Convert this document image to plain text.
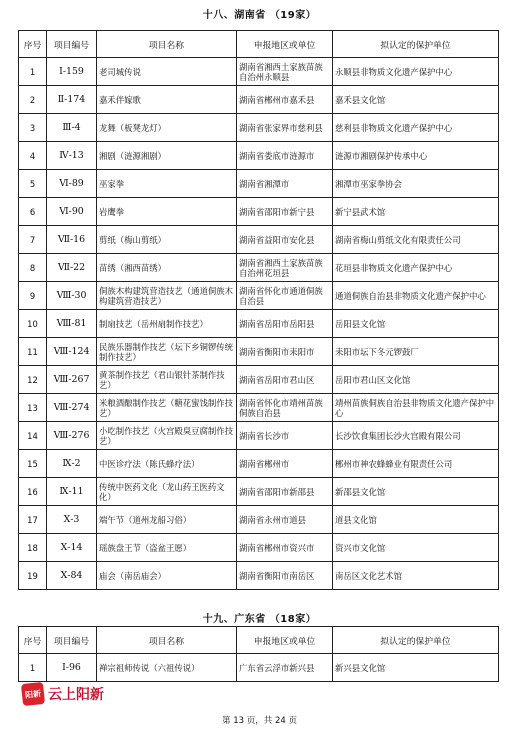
十八、湖南省 （19家）
序号	项目编号	项目名称	申报地区或单位	拟认定的保护单位
1	Ⅰ-159	老司城传说	湖南省湘西土家族苗族自治州永顺县	永顺县非物质文化遗产保护中心
2	Ⅱ-174	嘉禾伴嫁歌	湖南省郴州市嘉禾县	嘉禾县文化馆
3	Ⅲ-4	龙舞（板凳龙灯）	湖南省张家界市慈利县	慈利县非物质文化遗产保护中心
4	Ⅳ-13	湘剧（涟源湘剧）	湖南省娄底市涟源市	涟源市湘剧保护传承中心
5	Ⅵ-89	巫家拳	湖南省湘潭市	湘潭市巫家拳协会
6	Ⅵ-90	岩鹰拳	湖南省邵阳市新宁县	新宁县武术馆
7	Ⅶ-16	剪纸（梅山剪纸）	湖南省益阳市安化县	湖南省梅山剪纸文化有限责任公司
8	Ⅶ-22	苗绣（湘西苗绣）	湖南省湘西土家族苗族自治州花垣县	花垣县非物质文化遗产保护中心
9	Ⅷ-30	侗族木构建筑营造技艺（通道侗族木构建筑营造技艺）	湖南省怀化市通道侗族自治县	通道侗族自治县非物质文化遗产保护中心
10	Ⅷ-81	制扇技艺（岳州扇制作技艺）	湖南省岳阳市岳阳县	岳阳县文化馆
11	Ⅷ-124	民族乐器制作技艺（坛下乡铜锣传统制作技艺）	湖南省衡阳市耒阳市	耒阳市坛下冬元锣鼓厂
12	Ⅷ-267	黄茶制作技艺（君山银针茶制作技艺）	湖南省岳阳市君山区	岳阳市君山区文化馆
13	Ⅷ-274	米粮酒酿制作技艺（糖花蜜饯制作技艺）	湖南省怀化市靖州苗族侗族自治县	靖州苗族侗族自治县非物质文化遗产保护中心
14	Ⅷ-276	小吃制作技艺（火宫殿臭豆腐制作技艺）	湖南省长沙市	长沙饮食集团长沙火宫殿有限公司
15	Ⅸ-2	中医诊疗法（陈氏蜂疗法）	湖南省郴州市	郴州市神农蜂蜂业有限责任公司
16	Ⅸ-11	传统中医药文化（龙山药王医药文化）	湖南省邵阳市新邵县	新邵县文化馆
17	Ⅹ-3	端午节（道州龙船习俗）	湖南省永州市道县	道县文化馆
18	Ⅹ-14	瑶族盘王节（盗盆王愿）	湖南省郴州市资兴市	资兴市文化馆
19	Ⅹ-84	庙会（南岳庙会）	湖南省衡阳市南岳区	南岳区文化艺术馆
十九、广东省 （18家）
序号	项目编号	项目名称	申报地区或单位	拟认定的保护单位
1	Ⅰ-96	禅宗祖师传说（六祖传说）	广东省云浮市新兴县	新兴县文化馆
阳新 云上阳新
第 13 页，共 24 页
